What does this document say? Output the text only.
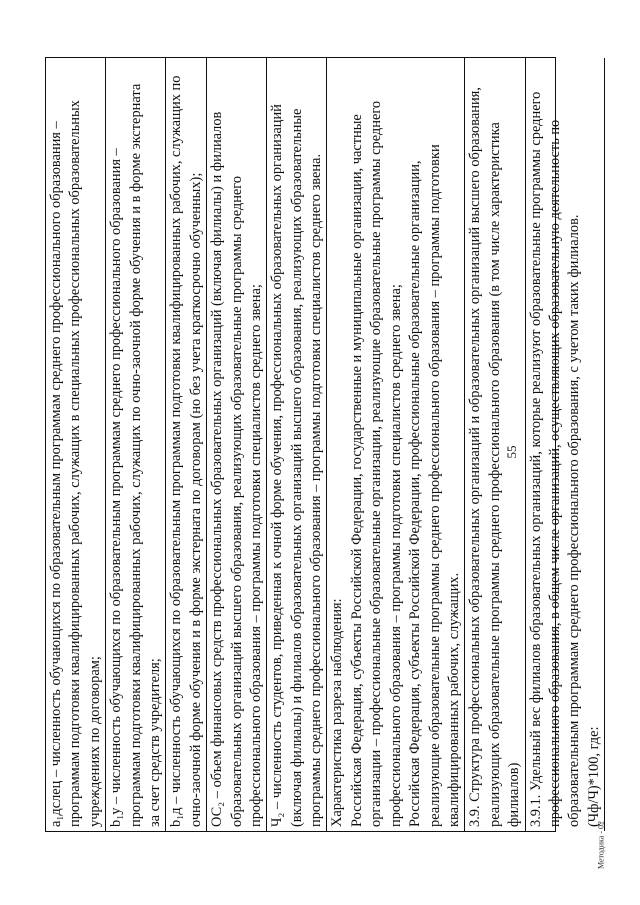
55

а₁дслец – численность обучающихся по образовательным программам среднего профессионального образования – программам подготовки квалифицированных рабочих, служащих в специальных профессиональных образовательных учреждениях по договорам; b₁у – численность обучающихся по образовательным программам среднего профессионального образования – программам подготовки квалифицированных рабочих, служащих по очно-заочной форме обучения и в форме экстерната за счет средств учредителя; b₁д – численность обучающихся по образовательным программам подготовки квалифицированных рабочих, служащих по очно-заочной форме обучения и в форме экстерната по договорам (но без учета краткосрочно обученных); ОС₂ – объем финансовых средств профессиональных образовательных организаций (включая филиалы) и филиалов образовательных организаций высшего образования, реализующих образовательные программы среднего профессионального образования – программы подготовки специалистов среднего звена; Ч₂ – численность студентов, приведенная к очной форме обучения, профессиональных образовательных организаций (включая филиалы) и филиалов образовательных организаций высшего образования, реализующих образовательные программы среднего профессионального образования – программы подготовки специалистов среднего звена. Характеристика разреза наблюдения: Российская Федерация, субъекты Российской Федерации, государственные и муниципальные организации, частные организации – профессиональные образовательные организации, реализующие образовательные программы среднего профессионального образования – программы подготовки специалистов среднего звена; Российская Федерация, субъекты Российской Федерации, профессиональные образовательные организации, реализующие образовательные программы среднего профессионального образования – программы подготовки квалифицированных рабочих, служащих. 3.9. Структура профессиональных образовательных организаций и образовательных организаций высшего образования, реализующих образовательные программы среднего профессионального образования (в том числе характеристика филиалов) 3.9.1. Удельный вес филиалов образовательных организаций, которые реализуют образовательные программы среднего профессионального образования, в общем числе организаций, осуществляющих образовательную деятельность по образовательным программам среднего профессионального образования, с учетом таких филиалов. (Чф/Ч)*100, где:

Методика - 02
